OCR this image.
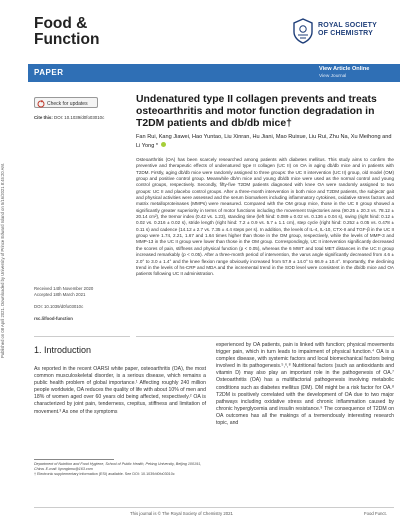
Published on 08 April 2021. Downloaded by University of Prince Edward Island on 5/16/2021 8:45:20 AM.
Food &
Function
ROYAL SOCIETY
OF CHEMISTRY
PAPER	View Article Online
View Journal
Check for updates
Cite this: DOI: 10.1039/d0fo03010c
Undenatured type II collagen prevents and treats osteoarthritis and motor function degradation in T2DM patients and db/db mice†
Fan Rui, Kang Jiawei, Hao Yuntao, Liu Xinran, Hu Jiani, Mao Ruixue, Liu Rui, Zhu Na, Xu Meihong and Li Yong *
Osteoarthritis (OA) has been scarcely researched among patients with diabetes mellitus. This study aims to confirm the preventive and therapeutic effects of undenatured type II collagen (UC II) on OA in aging db/db mice and in patients with T2DM. Firstly, aging db/db mice were randomly assigned to three groups: the UC II intervention (UC II) group, old model (OM) group and positive control group. Meanwhile db/m mice and young db/db mice were used as the normal control and young control groups, respectively. Secondly, fifty-five T2DM patients diagnosed with knee OA were randomly assigned to two groups: UC II and placebo control groups. After a three-month intervention in both mice and T2DM patients, the subjects' gait and physical activities were assessed and the serum biomarkers including inflammatory cytokines, oxidative stress factors and matrix metalloproteinases (MMPs) were measured. Compared with the OM group mice, those in the UC II group showed a significantly greater superiority in terms of motor functions including the movement trajectories area (90.25 ± 20.3 vs. 78.12 ± 20.14 cm²), the tremor index (0.42 vs. 1.23), standing time (left hind: 0.089 ± 0.02 vs. 0.136 ± 0.04 s), swing (right hind: 0.12 ± 0.02 vs. 0.216 ± 0.02 s), stride length (right hind: 7.2 ± 0.9 vs. 5.7 ± 1.1 cm), step cycle (right hind: 0.252 ± 0.05 vs. 0.478 ± 0.11 s) and cadence (14.12 ± 2.7 vs. 7.35 ± 4.4 steps per s). In addition, the levels of IL-4, IL-10, CTX-II and TGF-β in the UC II group were 1.74, 2.21, 1.67 and 1.64 times higher than those in the OM group, respectively, while the levels of MMP-3 and MMP-13 in the UC II group were lower than those in the OM group. Correspondingly, UC II intervention significantly decreased the scores of pain, stiffness and physical function (p < 0.05), whereas the 6 MWT and total MET distances in the UC II group increased remarkably (p < 0.05). After a three-month period of intervention, the varus angle significantly decreased from 4.6 ± 2.0° to 3.0 ± 1.4° and the knee flexion range obviously increased from 57.9 ± 14.0° to 66.9 ± 10.4°. Importantly, the declining trend in the levels of hs-CRP and MDA and the incremental trend in the SOD level were consistent in the db/db mice and OA patients following UC II administration.
Received 14th November 2020
Accepted 18th March 2021
DOI: 10.1039/d0fo03010c
rsc.li/food-function
1. Introduction
As reported in the recent OARSI white paper, osteoarthritis (OA), the most common musculoskeletal disorder, is a serious disease, which remains a public health problem of global importance.¹ Affecting roughly 240 million people worldwide, OA reduces the quality of life with about 10% of men and 18% of women aged over 60 years old being affected, respectively.² OA is characterized by joint pain, tenderness, crepitus, stiffness and limitation of movement.³ As one of the symptoms
experienced by OA patients, pain is linked with function; physical movements trigger pain, which in turn leads to impairment of physical function.⁴ OA is a complex disease, with systemic factors and local biomechanical factors being involved in its pathogenesis.⁵,⁶,⁸ Nutritional factors (such as antioxidants and vitamin D) may also play an important role in the pathogenesis of OA.⁷ Osteoarthritis (OA) has a multifactorial pathogenesis involving metabolic conditions such as diabetes mellitus (DM). DM might be a risk factor for OA.⁸ T2DM is positively correlated with the development of OA due to two major pathways including oxidative stress and chronic inflammation caused by chronic hyperglycemia and insulin resistance.⁹ The consequence of T2DM on OA outcomes has all the makings of a tremendously interesting research topic, and
Department of Nutrition and Food Hygiene, School of Public Health, Peking University, Beijing 100191, China. E-mail: liyongbmu@163.com
† Electronic supplementary information (ESI) available. See DOI: 10.1039/d0fo03010c
This journal is © The Royal Society of Chemistry 2021	Food Funct.
